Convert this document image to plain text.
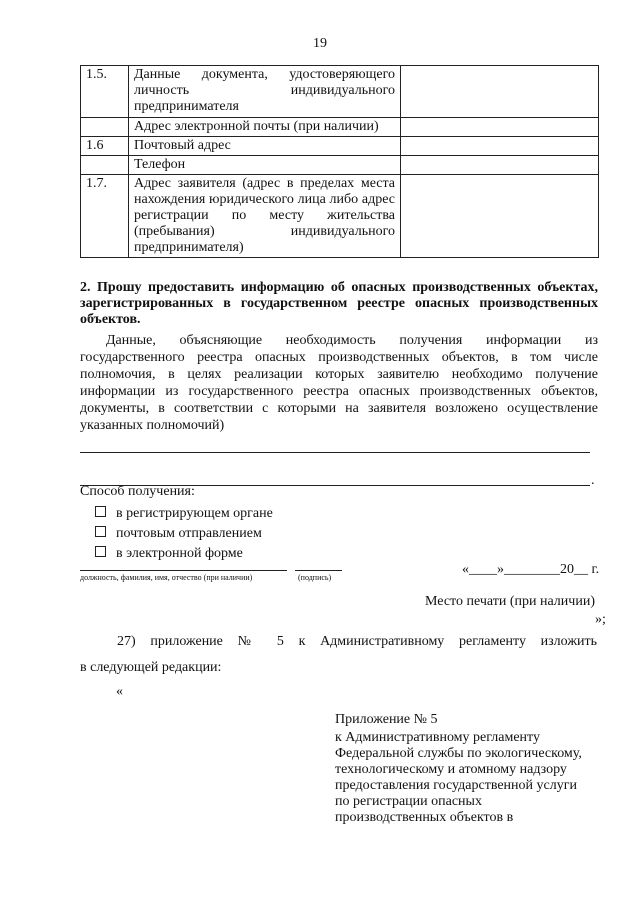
19
1.5.	Данные документа, удостоверяющего личность индивидуального предпринимателя	
	Адрес электронной почты (при наличии)	
1.6	Почтовый адрес	
	Телефон	
1.7.	Адрес заявителя (адрес в пределах места нахождения юридического лица либо адрес регистрации по месту жительства (пребывания) индивидуального предпринимателя)	
2. Прошу предоставить информацию об опасных производственных объектах, зарегистрированных в государственном реестре опасных производственных объектов.
Данные, объясняющие необходимость получения информации из государственного реестра опасных производственных объектов, в том числе полномочия, в целях реализации которых заявителю необходимо получение информации из государственного реестра опасных производственных объектов, документы, в соответствии с которыми на заявителя возложено осуществление указанных полномочий)
.
Способ получения:
в регистрирующем органе
почтовым отправлением
в электронной форме
должность, фамилия, имя, отчество (при наличии)	(подпись)
«____»________20__ г.
Место печати (при наличии)
»;
27) приложение № 5 к Административному регламенту изложить
в следующей редакции:
«
Приложение № 5
к Административному регламенту
Федеральной службы по экологическому,
технологическому и атомному надзору
предоставления государственной услуги
по регистрации опасных
производственных объектов в
